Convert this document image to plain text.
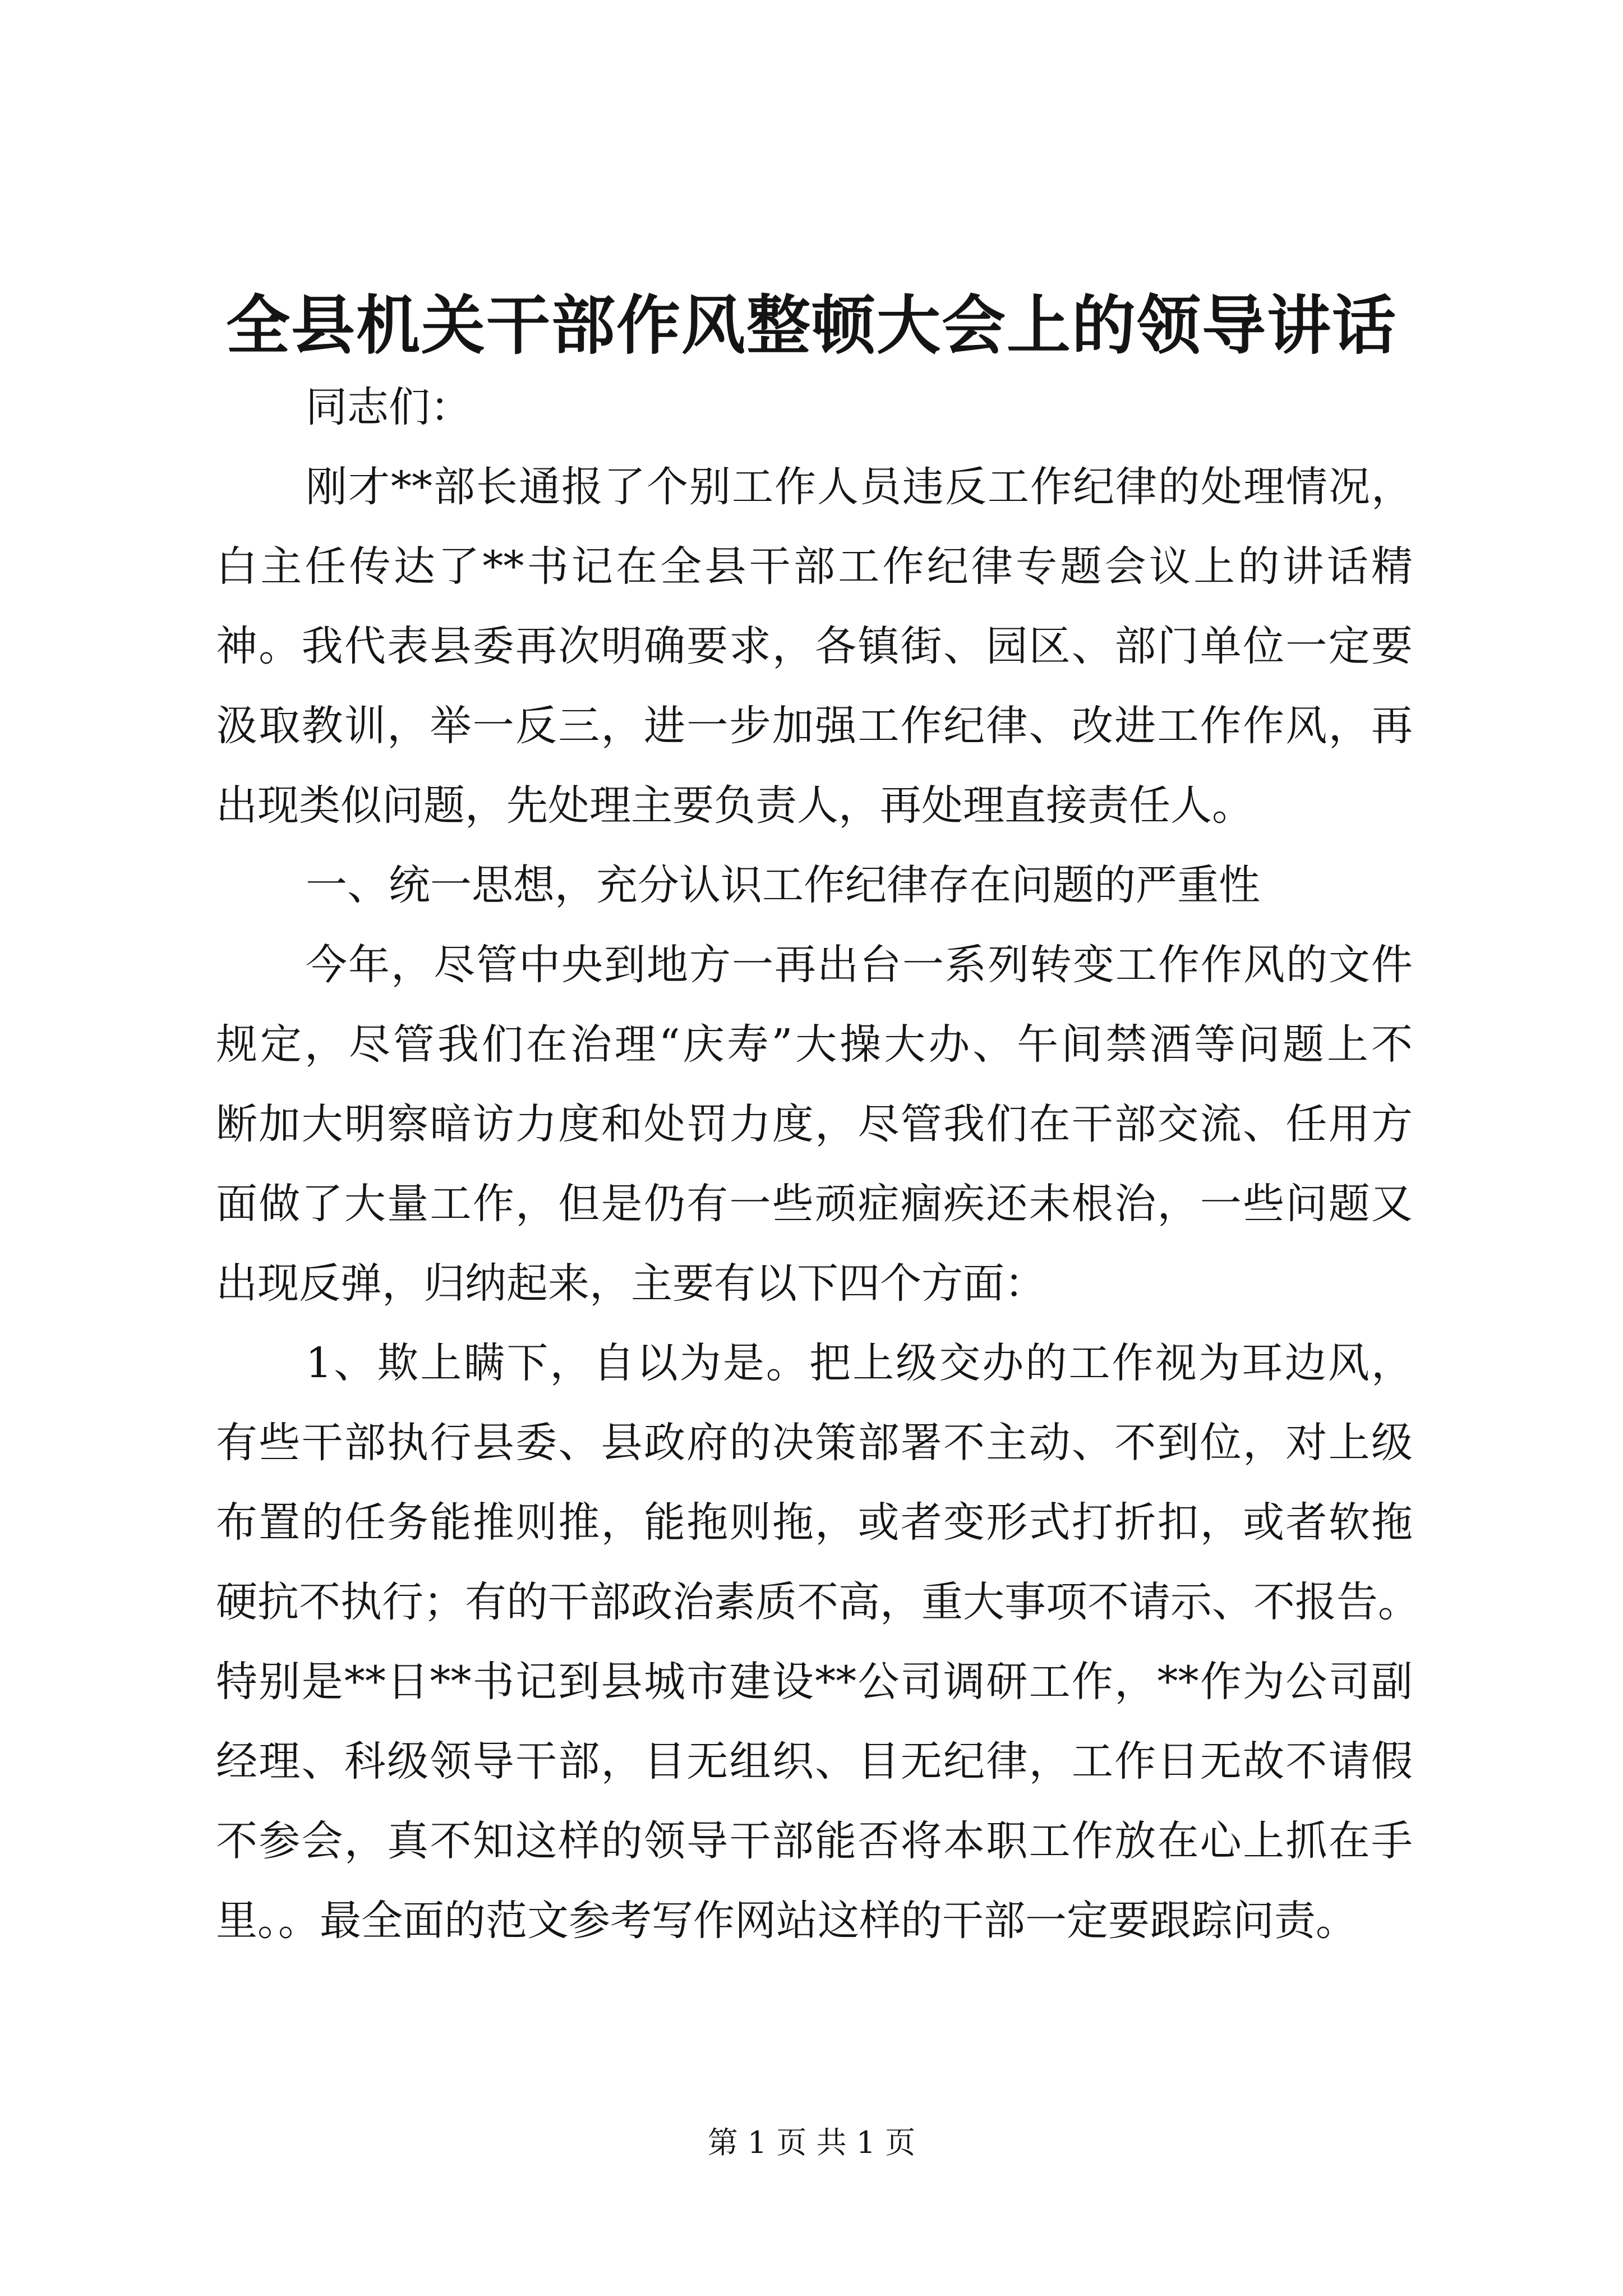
全县机关干部作风整顿大会上的领导讲话
同志们：
刚才**部长通报了个别工作人员违反工作纪律的处理情况，
白主任传达了**书记在全县干部工作纪律专题会议上的讲话精
神。我代表县委再次明确要求，各镇街、园区、部门单位一定要
汲取教训，举一反三，进一步加强工作纪律、改进工作作风，再
出现类似问题，先处理主要负责人，再处理直接责任人。
一、统一思想，充分认识工作纪律存在问题的严重性
今年，尽管中央到地方一再出台一系列转变工作作风的文件
规定，尽管我们在治理“庆寿”大操大办、午间禁酒等问题上不
断加大明察暗访力度和处罚力度，尽管我们在干部交流、任用方
面做了大量工作，但是仍有一些顽症痼疾还未根治，一些问题又
出现反弹，归纳起来，主要有以下四个方面：
1、欺上瞒下，自以为是。把上级交办的工作视为耳边风，
有些干部执行县委、县政府的决策部署不主动、不到位，对上级
布置的任务能推则推，能拖则拖，或者变形式打折扣，或者软拖
硬抗不执行；有的干部政治素质不高，重大事项不请示、不报告。
特别是**日**书记到县城市建设**公司调研工作，**作为公司副
经理、科级领导干部，目无组织、目无纪律，工作日无故不请假
不参会，真不知这样的领导干部能否将本职工作放在心上抓在手
里。。最全面的范文参考写作网站这样的干部一定要跟踪问责。
第 1 页 共 1 页
